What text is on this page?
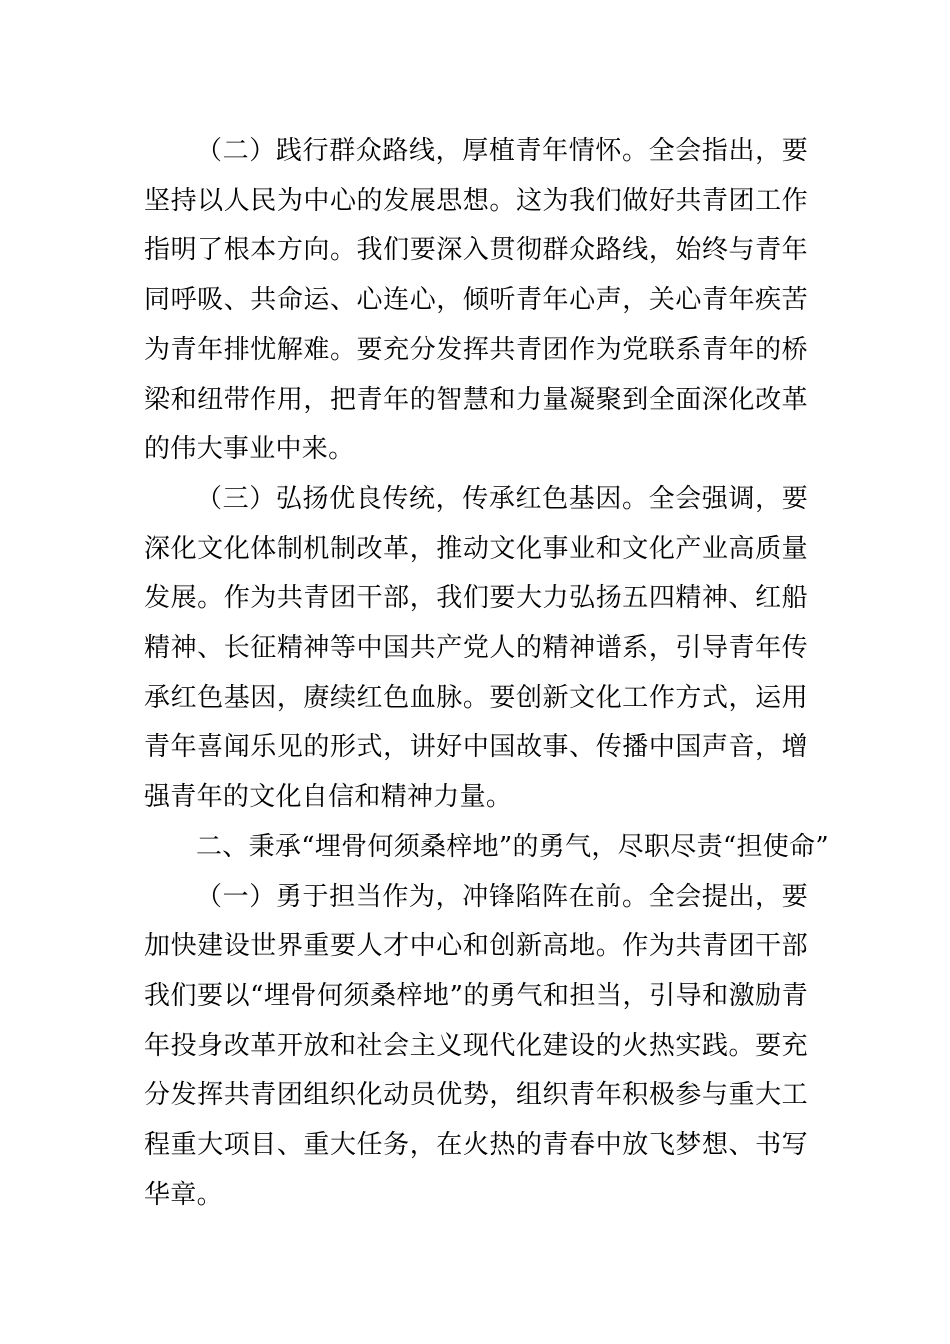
（二）践行群众路线，厚植青年情怀。全会指出，要坚持以人民为中心的发展思想。这为我们做好共青团工作指明了根本方向。我们要深入贯彻群众路线，始终与青年同呼吸、共命运、心连心，倾听青年心声，关心青年疾苦为青年排忧解难。要充分发挥共青团作为党联系青年的桥梁和纽带作用，把青年的智慧和力量凝聚到全面深化改革的伟大事业中来。

（三）弘扬优良传统，传承红色基因。全会强调，要深化文化体制机制改革，推动文化事业和文化产业高质量发展。作为共青团干部，我们要大力弘扬五四精神、红船精神、长征精神等中国共产党人的精神谱系，引导青年传承红色基因，赓续红色血脉。要创新文化工作方式，运用青年喜闻乐见的形式，讲好中国故事、传播中国声音，增强青年的文化自信和精神力量。

二、秉承“埋骨何须桑梓地”的勇气，尽职尽责“担使命”

（一）勇于担当作为，冲锋陷阵在前。全会提出，要加快建设世界重要人才中心和创新高地。作为共青团干部我们要以“埋骨何须桑梓地”的勇气和担当，引导和激励青年投身改革开放和社会主义现代化建设的火热实践。要充分发挥共青团组织化动员优势，组织青年积极参与重大工程重大项目、重大任务，在火热的青春中放飞梦想、书写华章。
